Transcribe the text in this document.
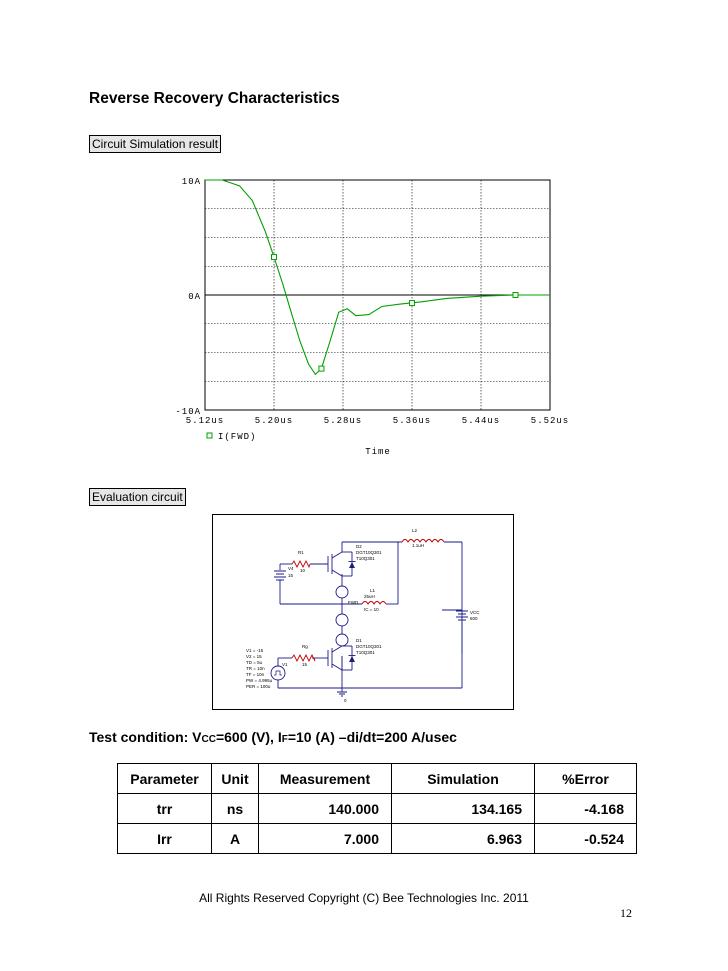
Reverse Recovery Characteristics
Circuit Simulation result
10A
0A
-10A
5.12us	5.20us	5.28us	5.36us	5.44us	5.52us
I(FWD)
Time
Evaluation circuit
L2
1.1uH
D2
DGT10Q301
T10Q301
R1
10
V4
15
L1
25uH
IC = 10
FWD
VCC
600
D1
DGT10Q301
T10Q301
Rg
15
V1
V1 = -15
V2 = 15
TD = 5u
TR = 10n
TF = 10n
PW = 4.995u
PER = 100u
0
Test condition: VCC=600 (V), IF=10 (A) –di/dt=200 A/usec
Parameter	Unit	Measurement	Simulation	%Error
trr	ns	140.000	134.165	-4.168
Irr	A	7.000	6.963	-0.524
All Rights Reserved Copyright (C) Bee Technologies Inc. 2011
12
